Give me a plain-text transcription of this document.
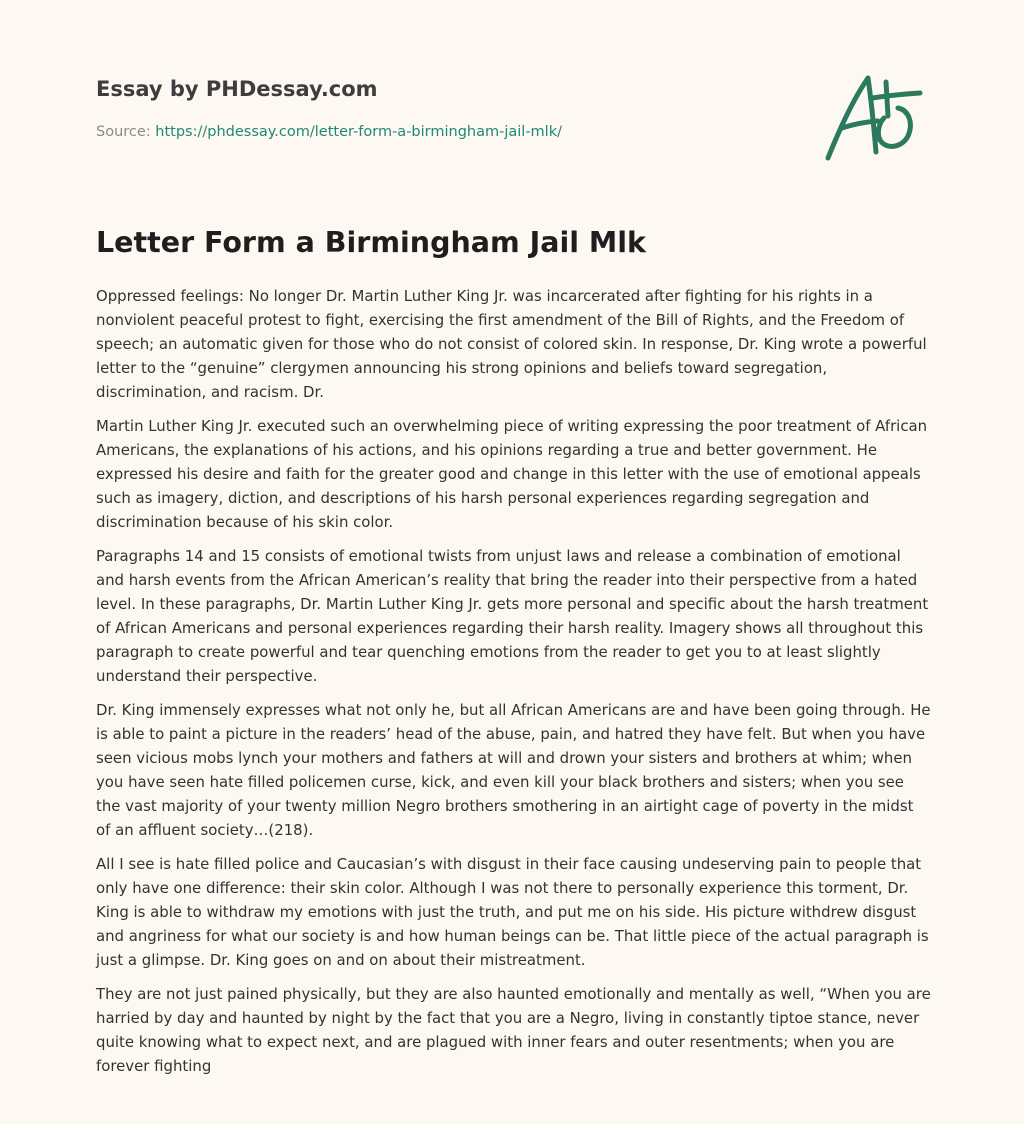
Essay by PHDessay.com
Source: https://phdessay.com/letter-form-a-birmingham-jail-mlk/
Letter Form a Birmingham Jail Mlk

Oppressed feelings: No longer Dr. Martin Luther King Jr. was incarcerated after fighting for his rights in a nonviolent peaceful protest to fight, exercising the first amendment of the Bill of Rights, and the Freedom of speech; an automatic given for those who do not consist of colored skin. In response, Dr. King wrote a powerful letter to the “genuine” clergymen announcing his strong opinions and beliefs toward segregation, discrimination, and racism. Dr.

Martin Luther King Jr. executed such an overwhelming piece of writing expressing the poor treatment of African Americans, the explanations of his actions, and his opinions regarding a true and better government. He expressed his desire and faith for the greater good and change in this letter with the use of emotional appeals such as imagery, diction, and descriptions of his harsh personal experiences regarding segregation and discrimination because of his skin color.

Paragraphs 14 and 15 consists of emotional twists from unjust laws and release a combination of emotional and harsh events from the African American’s reality that bring the reader into their perspective from a hated level. In these paragraphs, Dr. Martin Luther King Jr. gets more personal and specific about the harsh treatment of African Americans and personal experiences regarding their harsh reality. Imagery shows all throughout this paragraph to create powerful and tear quenching emotions from the reader to get you to at least slightly understand their perspective.

Dr. King immensely expresses what not only he, but all African Americans are and have been going through. He is able to paint a picture in the readers’ head of the abuse, pain, and hatred they have felt. But when you have seen vicious mobs lynch your mothers and fathers at will and drown your sisters and brothers at whim; when you have seen hate filled policemen curse, kick, and even kill your black brothers and sisters; when you see the vast majority of your twenty million Negro brothers smothering in an airtight cage of poverty in the midst of an affluent society…(218).

All I see is hate filled police and Caucasian’s with disgust in their face causing undeserving pain to people that only have one difference: their skin color. Although I was not there to personally experience this torment, Dr. King is able to withdraw my emotions with just the truth, and put me on his side. His picture withdrew disgust and angriness for what our society is and how human beings can be. That little piece of the actual paragraph is just a glimpse. Dr. King goes on and on about their mistreatment.

They are not just pained physically, but they are also haunted emotionally and mentally as well, “When you are harried by day and haunted by night by the fact that you are a Negro, living in constantly tiptoe stance, never quite knowing what to expect next, and are plagued with inner fears and outer resentments; when you are forever fighting
